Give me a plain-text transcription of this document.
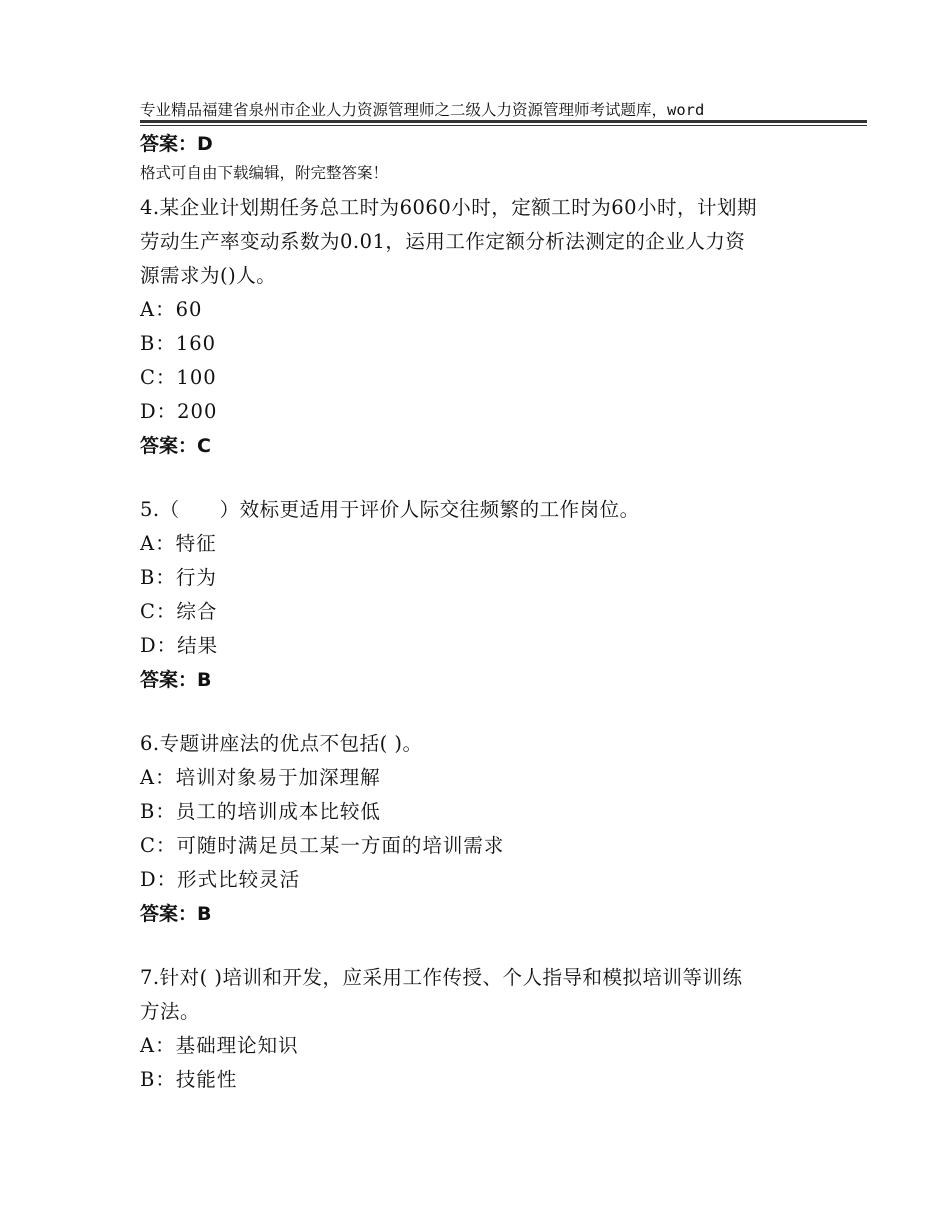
专业精品福建省泉州市企业人力资源管理师之二级人力资源管理师考试题库，word

格式可自由下载编辑，附完整答案！

答案：D
4.某企业计划期任务总工时为6060小时，定额工时为60小时，计划期
劳动生产率变动系数为0.01，运用工作定额分析法测定的企业人力资
源需求为()人。
A：60
B：160
C：100
D：200
答案：C
5.（　　）效标更适用于评价人际交往频繁的工作岗位。
A：特征
B：行为
C：综合
D：结果
答案：B
6.专题讲座法的优点不包括( )。
A：培训对象易于加深理解
B：员工的培训成本比较低
C：可随时满足员工某一方面的培训需求
D：形式比较灵活
答案：B
7.针对( )培训和开发，应采用工作传授、个人指导和模拟培训等训练
方法。
A：基础理论知识
B：技能性
